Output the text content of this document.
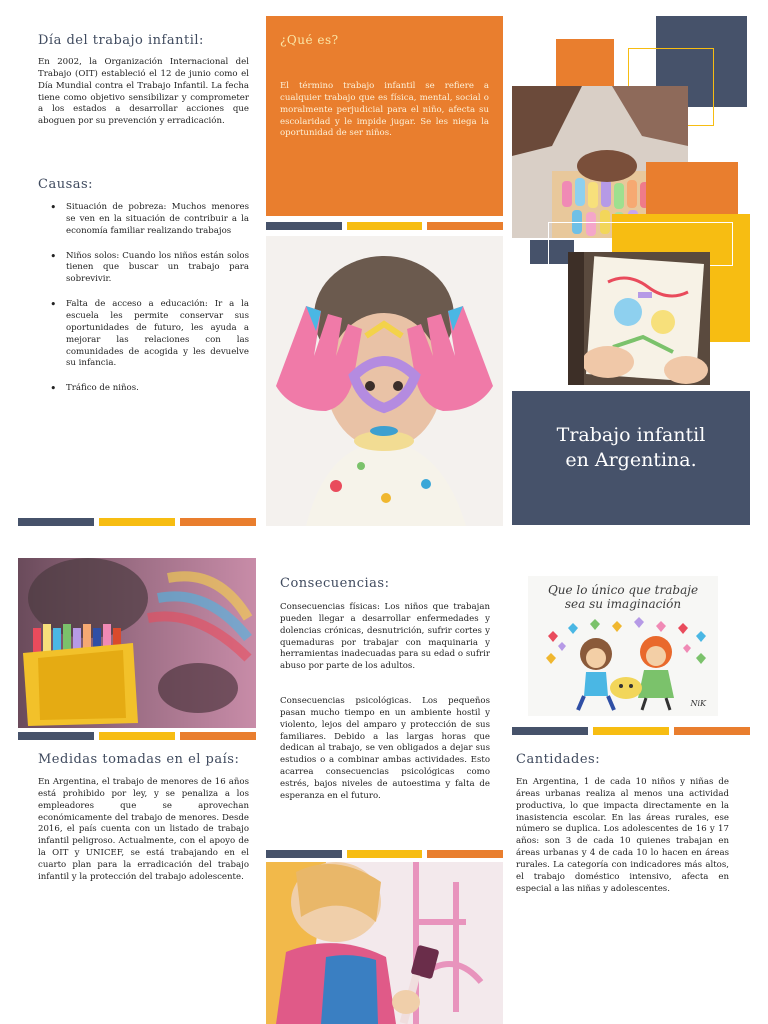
Día del trabajo infantil:

En 2002, la Organización Internacional del Trabajo (OIT) estableció el 12 de junio como el Día Mundial contra el Trabajo Infantil. La fecha tiene como objetivo sensibilizar y comprometer a los estados a desarrollar acciones que aboguen por su prevención y erradicación.

Causas:
• Situación de pobreza: Muchos menores se ven en la situación de contribuir a la economía familiar realizando trabajos
• Niños solos: Cuando los niños están solos tienen que buscar un trabajo para sobrevivir.
• Falta de acceso a educación: Ir a la escuela les permite conservar sus oportunidades de futuro, les ayuda a mejorar las relaciones con las comunidades de acogida y les devuelve su infancia.
• Tráfico de niños.
¿Qué es?

El término trabajo infantil se refiere a cualquier trabajo que es física, mental, social o moralmente perjudicial para el niño, afecta su escolaridad y le impide jugar. Se les niega la oportunidad de ser niños.

Trabajo infantil
en Argentina.
Medidas tomadas en el país:

En Argentina, el trabajo de menores de 16 años está prohibido por ley, y se penaliza a los empleadores que se aprovechan económicamente del trabajo de menores. Desde 2016, el país cuenta con un listado de trabajo infantil peligroso. Actualmente, con el apoyo de la OIT y UNICEF, se está trabajando en el cuarto plan para la erradicación del trabajo infantil y la protección del trabajo adolescente.

Consecuencias:

Consecuencias físicas: Los niños que trabajan pueden llegar a desarrollar enfermedades y dolencias crónicas, desnutrición, sufrir cortes y quemaduras por trabajar con maquinaria y herramientas inadecuadas para su edad o sufrir abuso por parte de los adultos.

Consecuencias psicológicas. Los pequeños pasan mucho tiempo en un ambiente hostil y violento, lejos del amparo y protección de sus familiares. Debido a las largas horas que dedican al trabajo, se ven obligados a dejar sus estudios o a combinar ambas actividades. Esto acarrea consecuencias psicológicas como estrés, bajos niveles de autoestima y falta de esperanza en el futuro.

Que lo único que trabaje
sea su imaginación
NiK
Cantidades:

En Argentina, 1 de cada 10 niños y niñas de áreas urbanas realiza al menos una actividad productiva, lo que impacta directamente en la inasistencia escolar. En las áreas rurales, ese número se duplica. Los adolescentes de 16 y 17 años: son 3 de cada 10 quienes trabajan en áreas urbanas y 4 de cada 10 lo hacen en áreas rurales. La categoría con indicadores más altos, el trabajo doméstico intensivo, afecta en especial a las niñas y adolescentes.
